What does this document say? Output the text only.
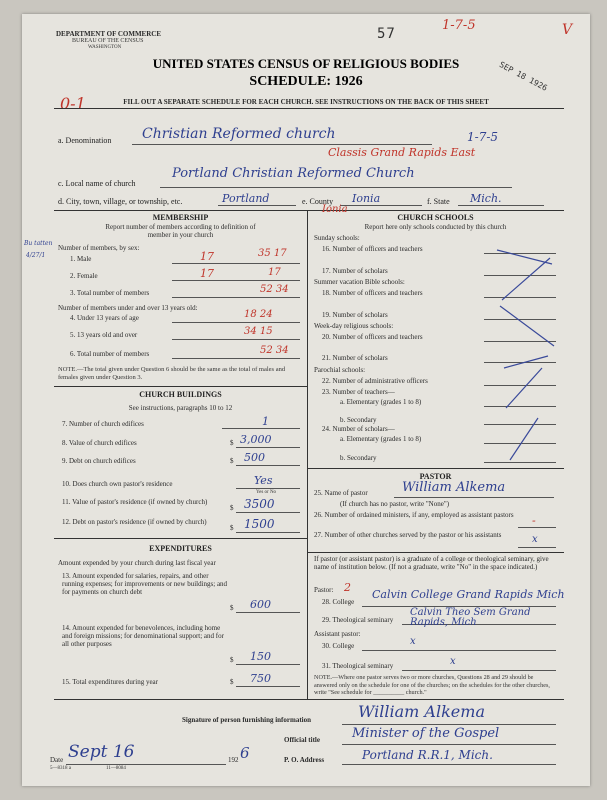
DEPARTMENT OF COMMERCE
BUREAU OF THE CENSUS
WASHINGTON
57
1-7-5	V
SEP 18 1926
UNITED STATES CENSUS OF RELIGIOUS BODIES
SCHEDULE: 1926
0-1	FILL OUT A SEPARATE SCHEDULE FOR EACH CHURCH. SEE INSTRUCTIONS ON THE BACK OF THIS SHEET
a. Denomination Christian Reformed church	1-7-5
Classis Grand Rapids East
c. Local name of church
Portland Christian Reformed Church
d. City, town, village, or township, etc.	Portland	e. County Ionia	f. State Mich.
MEMBERSHIP
Report number of members according to definition of
member in your church
Bu tatten
4/27/1
Number of members, by sex:
1. Male	17	35 17
2. Female	17	17
3. Total number of members	52 34
Number of members under and over 13 years old:
4. Under 13 years of age	18 24
5. 13 years old and over	34 15
6. Total number of members	52 34
NOTE.—The total given under Question 6 should be the same as the total of males and females given under Question 3.
CHURCH BUILDINGS
See instructions, paragraphs 10 to 12
7. Number of church edifices	1
8. Value of church edifices	$ 3,000
9. Debt on church edifices	$ 500
10. Does church own pastor's residence	Yes
Yes or No
11. Value of pastor's residence (if owned by church)
$ 3500
12. Debt on pastor's residence (if owned by church)
$ 1500
EXPENDITURES
Amount expended by your church during last fiscal year
13. Amount expended for salaries, repairs, and other running expenses; for improvements or new buildings; and for payments on church debt
$ 600
14. Amount expended for benevolences, including home and foreign missions; for denominational support; and for all other purposes
$ 150
15. Total expenditures during year	$ 750
Ionia
CHURCH SCHOOLS
Report here only schools conducted by this church
Sunday schools:
16. Number of officers and teachers
17. Number of scholars
Summer vacation Bible schools:
18. Number of officers and teachers
19. Number of scholars
Week-day religious schools:
20. Number of officers and teachers
21. Number of scholars
Parochial schools:
22. Number of administrative officers
23. Number of teachers—
a. Elementary (grades 1 to 8)
b. Secondary
24. Number of scholars—
a. Elementary (grades 1 to 8)
b. Secondary
PASTOR
25. Name of pastor	William Alkema
(If church has no pastor, write "None")
26. Number of ordained ministers, if any, employed as assistant pastors -
27. Number of other churches served by the pastor or his assistants	x
If pastor (or assistant pastor) is a graduate of a college or theological seminary, give name of institution below. (If not a graduate, write "No" in the space indicated.)
Pastor: 2
28. College
Calvin College Grand Rapids Mich
29. Theological seminary
Calvin Theo Sem Grand Rapids, Mich
Assistant pastor:
30. College	x
31. Theological seminary	x
NOTE.—Where one pastor serves two or more churches, Questions 28 and 29 should be answered only on the schedule for one of the churches; on the schedules for the other churches, write "See schedule for __________ church."
Signature of person furnishing information	William Alkema
Official title Minister of the Gospel
Date Sept 16	192 6	P. O. Address	Portland R.R.1, Mich.
5—8318 a	11—8084
